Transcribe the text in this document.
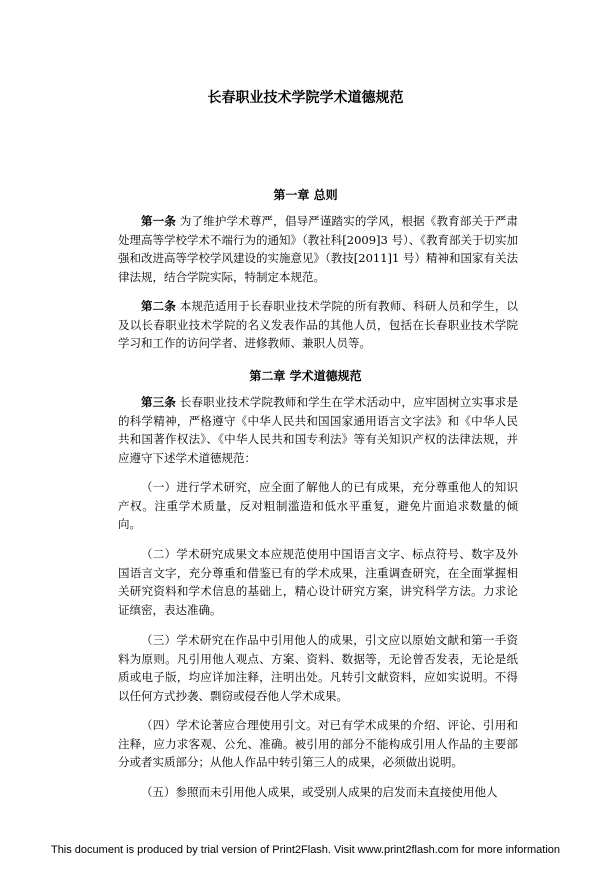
长春职业技术学院学术道德规范
第一章 总则

第一条 为了维护学术尊严，倡导严谨踏实的学风，根据《教育部关于严肃处理高等学校学术不端行为的通知》（教社科[2009]3 号）、《教育部关于切实加强和改进高等学校学风建设的实施意见》（教技[2011]1 号）精神和国家有关法律法规，结合学院实际，特制定本规范。

第二条 本规范适用于长春职业技术学院的所有教师、科研人员和学生，以及以长春职业技术学院的名义发表作品的其他人员，包括在长春职业技术学院学习和工作的访问学者、进修教师、兼职人员等。

第二章 学术道德规范

第三条 长春职业技术学院教师和学生在学术活动中，应牢固树立实事求是的科学精神，严格遵守《中华人民共和国国家通用语言文字法》和《中华人民共和国著作权法》、《中华人民共和国专利法》等有关知识产权的法律法规，并应遵守下述学术道德规范：

（一）进行学术研究，应全面了解他人的已有成果，充分尊重他人的知识产权。注重学术质量，反对粗制滥造和低水平重复，避免片面追求数量的倾向。

（二）学术研究成果文本应规范使用中国语言文字、标点符号、数字及外国语言文字，充分尊重和借鉴已有的学术成果，注重调查研究，在全面掌握相关研究资料和学术信息的基础上，精心设计研究方案，讲究科学方法。力求论证缜密，表达准确。

（三）学术研究在作品中引用他人的成果，引文应以原始文献和第一手资料为原则。凡引用他人观点、方案、资料、数据等，无论曾否发表，无论是纸质或电子版，均应详加注释，注明出处。凡转引文献资料，应如实说明。不得以任何方式抄袭、剽窃或侵吞他人学术成果。

（四）学术论著应合理使用引文。对已有学术成果的介绍、评论、引用和注释，应力求客观、公允、准确。被引用的部分不能构成引用人作品的主要部分或者实质部分；从他人作品中转引第三人的成果，必须做出说明。

（五）参照而未引用他人成果，或受别人成果的启发而未直接使用他人

This document is produced by trial version of Print2Flash. Visit www.print2flash.com for more information
